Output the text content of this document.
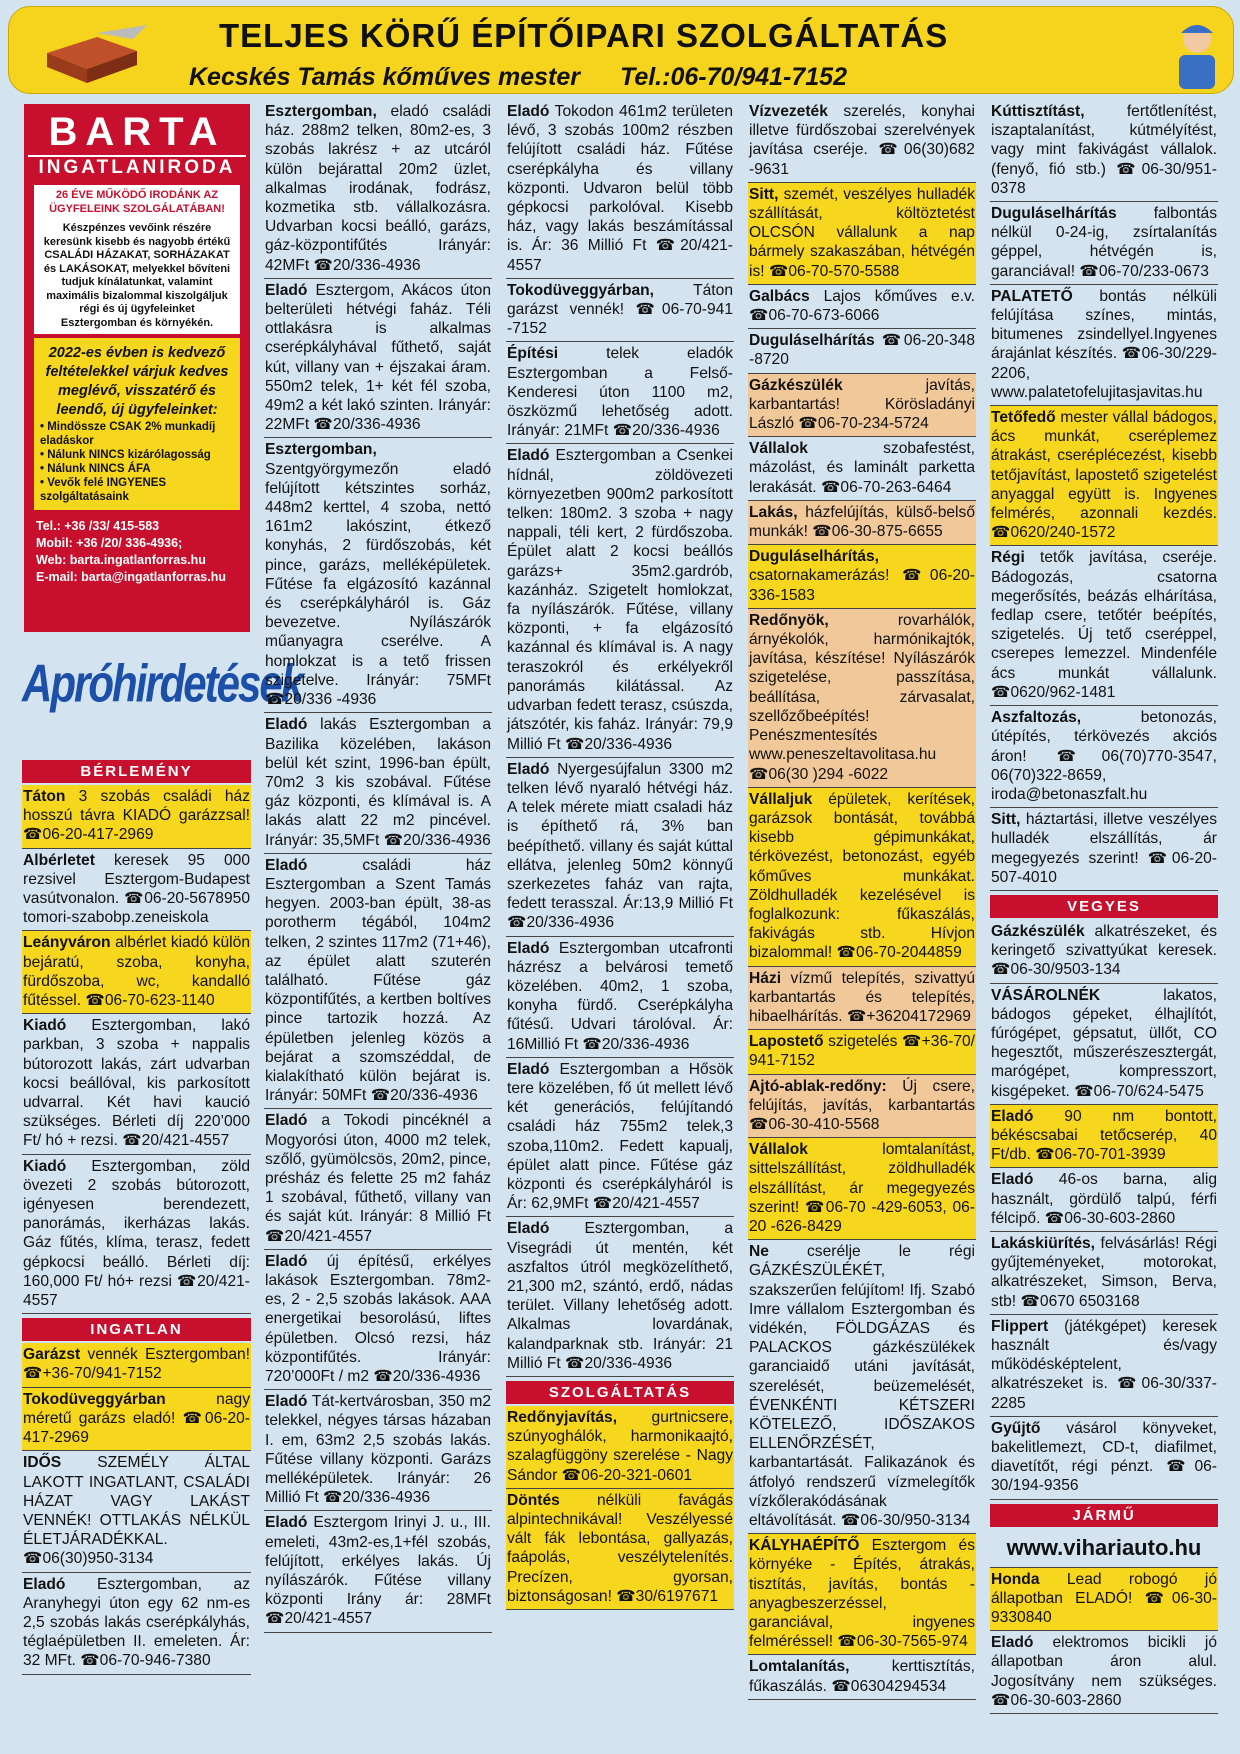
TELJES KÖRŰ ÉPÍTŐIPARI SZOLGÁLTATÁS
Kecskés Tamás kőműves mester Tel.:06-70/941-7152
BARTA
INGATLANIRODA
26 ÉVE MŰKÖDŐ IRODÁNK AZ ÜGYFELEINK SZOLGÁLATÁBAN!
Készpénzes vevőink részére keresünk kisebb és nagyobb értékű CSALÁDI HÁZAKAT, SORHÁZAKAT és LAKÁSOKAT, melyekkel bővíteni tudjuk kínálatunkat, valamint maximális bizalommal kiszolgáljuk régi és új ügyfeleinket Esztergomban és környékén.
2022-es évben is kedvező feltételekkel várjuk kedves meglévő, visszatérő és leendő, új ügyfeleinket:
• Mindössze CSAK 2% munkadíj eladáskor
• Nálunk NINCS kizárólagosság
• Nálunk NINCS ÁFA
• Vevők felé INGYENES szolgáltatásaink
Tel.: +36 /33/ 415-583
Mobil: +36 /20/ 336-4936;
Web: barta.ingatlanforras.hu
E-mail: barta@ingatlanforras.hu
Apróhirdetések
BÉRLEMÉNY
Táton 3 szobás családi ház hosszú távra KIADÓ garázzsal! ☎ 06-20-417-2969
Albérletet keresek 95 000 rezsivel Esztergom-Budapest vasútvonalon. ☎ 06-20-5678950 tomori-szabobp.zeneiskola
Leányváron albérlet kiadó külön bejáratú, szoba, konyha, fürdőszoba, wc, kandalló fűtéssel. ☎ 06-70-623-1140
Kiadó Esztergomban, lakó parkban, 3 szoba + nappalis bútorozott lakás, zárt udvarban kocsi beállóval, kis parkosított udvarral. Két havi kaució szükséges. Bérleti díj 220’000 Ft/ hó + rezsi. ☎ 20/421-4557
Kiadó Esztergomban, zöld övezeti 2 szobás bútorozott, igényesen berendezett, panorámás, ikerházas lakás. Gáz fűtés, klíma, terasz, fedett gépkocsi beálló. Bérleti díj: 160,000 Ft/ hó+ rezsi ☎ 20/421-4557
INGATLAN
Garázst vennék Esztergomban! ☎ +36-70/941-7152
Tokodüveggyárban nagy méretű garázs eladó! ☎ 06-20-417-2969
IDŐS SZEMÉLY ÁLTAL LAKOTT INGATLANT, CSALÁDI HÁZAT VAGY LAKÁST VENNÉK! OTTLAKÁS NÉLKÜL ÉLETJÁRADÉKKAL. ☎ 06(30)950-3134
Eladó Esztergomban, az Aranyhegyi úton egy 62 nm-es 2,5 szobás lakás cserépkályhás, téglaépületben II. emeleten. Ár: 32 MFt. ☎ 06-70-946-7380
Esztergomban, eladó családi ház. 288m2 telken, 80m2-es, 3 szobás lakrész + az utcáról külön bejárattal 20m2 üzlet, alkalmas irodának, fodrász, kozmetika stb. vállalkozásra. Udvarban kocsi beálló, garázs, gáz-központifűtés Irányár: 42MFt ☎ 20/336-4936
Eladó Esztergom, Akácos úton belterületi hétvégi faház. Téli ottlakásra is alkalmas cserépkályhával fűthető, saját kút, villany van + éjszakai áram. 550m2 telek, 1+ két fél szoba, 49m2 a két lakó szinten. Irányár: 22MFt ☎ 20/336-4936
Esztergomban, Szentgyörgymezőn eladó felújított kétszintes sorház, 448m2 kerttel, 4 szoba, nettó 161m2 lakószint, étkező konyhás, 2 fürdőszobás, két pince, garázs, melléképületek. Fűtése fa elgázosító kazánnal és cserépkályháról is. Gáz bevezetve. Nyílászárók műanyagra cserélve. A homlokzat is a tető frissen szigetelve. Irányár: 75MFt ☎ 20/336 -4936
Eladó lakás Esztergomban a Bazilika közelében, lakáson belül két szint, 1996-ban épült, 70m2 3 kis szobával. Fűtése gáz központi, és klímával is. A lakás alatt 22 m2 pincével. Irányár: 35,5MFt ☎ 20/336-4936
Eladó családi ház Esztergomban a Szent Tamás hegyen. 2003-ban épült, 38-as porotherm tégából, 104m2 telken, 2 szintes 117m2 (71+46), az épület alatt szuterén található. Fűtése gáz központifűtés, a kertben boltíves pince tartozik hozzá. Az épületben jelenleg közös a bejárat a szomszéddal, de kialakítható külön bejárat is. Irányár: 50MFt ☎ 20/336-4936
Eladó a Tokodi pincéknél a Mogyorósi úton, 4000 m2 telek, szőlő, gyümölcsös, 20m2, pince, présház és felette 25 m2 faház 1 szobával, fűthető, villany van és saját kút. Irányár: 8 Millió Ft ☎ 20/421-4557
Eladó új építésű, erkélyes lakások Esztergomban. 78m2-es, 2 - 2,5 szobás lakások. AAA energetikai besorolású, liftes épületben. Olcsó rezsi, ház központifűtés. Irányár: 720’000Ft / m2 ☎ 20/336-4936
Eladó Tát-kertvárosban, 350 m2 telekkel, négyes társas házaban I. em, 63m2 2,5 szobás lakás. Fűtése villany központi. Garázs melléképületek. Irányár: 26 Millió Ft ☎ 20/336-4936
Eladó Esztergom Irinyi J. u., III. emeleti, 43m2-es,1+fél szobás, felújított, erkélyes lakás. Új nyílászárók. Fűtése villany központi Irány ár: 28MFt ☎ 20/421-4557
Eladó Tokodon 461m2 területen lévő, 3 szobás 100m2 részben felújított családi ház. Fűtése cserépkályha és villany központi. Udvaron belül több gépkocsi parkolóval. Kisebb ház, vagy lakás beszámítással is. Ár: 36 Millió Ft ☎ 20/421-4557
Tokodüveggyárban, Táton garázst vennék! ☎ 06-70-941 -7152
Építési telek eladók Esztergomban a Felső-Kenderesi úton 1100 m2, öszközmű lehetőség adott. Irányár: 21MFt ☎ 20/336-4936
Eladó Esztergomban a Csenkei hídnál, zöldövezeti környezetben 900m2 parkosított telken: 180m2. 3 szoba + nagy nappali, téli kert, 2 fürdőszoba. Épület alatt 2 kocsi beállós garázs+ 35m2.gardrób, kazánház. Szigetelt homlokzat, fa nyílászárók. Fűtése, villany központi, + fa elgázosító kazánnal és klímával is. A nagy teraszokról és erkélyekről panorámás kilátással. Az udvarban fedett terasz, csúszda, játszótér, kis faház. Irányár: 79,9 Millió Ft ☎ 20/336-4936
Eladó Nyergesújfalun 3300 m2 telken lévő nyaraló hétvégi ház. A telek mérete miatt csaladi ház is építhető rá, 3% ban beépíthető. villany és saját kúttal ellátva, jelenleg 50m2 könnyű szerkezetes faház van rajta, fedett terasszal. Ár:13,9 Millió Ft ☎ 20/336-4936
Eladó Esztergomban utcafronti házrész a belvárosi temető közelében. 40m2, 1 szoba, konyha fürdő. Cserépkályha fűtésű. Udvari tárolóval. Ár: 16Millió Ft ☎ 20/336-4936
Eladó Esztergomban a Hősök tere közelében, fő út mellett lévő két generációs, felújítandó családi ház 755m2 telek,3 szoba,110m2. Fedett kapualj, épület alatt pince. Fűtése gáz központi és cserépkályháról is Ár: 62,9MFt ☎ 20/421-4557
Eladó Esztergomban, a Visegrádi út mentén, két aszfaltos útról megközelíthető, 21,300 m2, szántó, erdő, nádas terület. Villany lehetőség adott. Alkalmas lovardának, kalandparknak stb. Irányár: 21 Millió Ft ☎ 20/336-4936
SZOLGÁLTATÁS
Redőnyjavítás, gurtnicsere, szúnyoghálók, harmonikaajtó, szalagfüggöny szerelése - Nagy Sándor ☎ 06-20-321-0601
Döntés nélküli favágás alpintechnikával! Veszélyessé vált fák lebontása, gallyazás, faápolás, veszélytelenítés. Precízen, gyorsan, biztonságosan! ☎ 30/6197671
Vízvezeték szerelés, konyhai illetve fürdőszobai szerelvények javítása cseréje. ☎ 06(30)682 -9631
Sitt, szemét, veszélyes hulladék szállítását, költöztetést OLCSÓN vállalunk a nap bármely szakaszában, hétvégén is! ☎ 06-70-570-5588
Galbács Lajos kőműves e.v. ☎ 06-70-673-6066
Duguláselhárítás ☎ 06-20-348 -8720
Gázkészülék javítás, karbantartás! Körösladányi László ☎ 06-70-234-5724
Vállalok szobafestést, mázolást, és laminált parketta lerakását. ☎ 06-70-263-6464
Lakás, házfelújítás, külső-belső munkák! ☎ 06-30-875-6655
Duguláselhárítás, csatornakamerázás! ☎ 06-20-336-1583
Redőnyök, rovarhálók, árnyékolók, harmónikajtók, javítása, készítése! Nyílászárók szigetelése, passzítása, beállítása, zárvasalat, szellőzőbeépítés! Penészmentesítés www.peneszeltavolitasa.hu ☎ 06(30 )294 -6022
Vállaljuk épületek, kerítések, garázsok bontását, továbbá kisebb gépimunkákat, térkövezést, betonozást, egyéb kőműves munkákat. Zöldhulladék kezelésével is foglalkozunk: fűkaszálás, fakivágás stb. Hívjon bizalommal! ☎ 06-70-2044859
Házi vízmű telepítés, szivattyú karbantartás és telepítés, hibaelhárítás. ☎ +36204172969
Lapostető szigetelés ☎ +36-70/ 941-7152
Ajtó-ablak-redőny: Új csere, felújítás, javítás, karbantartás ☎ 06-30-410-5568
Vállalok lomtalanítást, sittelszállítást, zöldhulladék elszállítást, ár megegyezés szerint! ☎ 06-70 -429-6053, 06-20 -626-8429
Ne cserélje le régi GÁZKÉSZÜLÉKÉT, szakszerűen felújítom! Ifj. Szabó Imre vállalom Esztergomban és vidékén, FÖLDGÁZAS és PALACKOS gázkészülékek garanciaidő utáni javítását, szerelését, beüzemelését, ÉVENKÉNTI KÉTSZERI KÖTELEZŐ, IDŐSZAKOS ELLENŐRZÉSÉT, karbantartását. Falikazánok és átfolyó rendszerű vízmelegítők vízkőlerakódásának eltávolítását. ☎ 06-30/950-3134
KÁLYHAÉPÍTŐ Esztergom és környéke - Építés, átrakás, tisztítás, javítás, bontás - anyagbeszerzéssel, garanciával, ingyenes felméréssel! ☎ 06-30-7565-974
Lomtalanítás, kerttisztítás, fűkaszálás. ☎ 06304294534
Kúttisztítást, fertőtlenítést, iszaptalanítást, kútmélyítést, vagy mint fakivágást vállalok. (fenyő, fió stb.) ☎ 06-30/951-0378
Duguláselhárítás falbontás nélkül 0-24-ig, zsírtalanítás géppel, hétvégén is, garanciával! ☎ 06-70/233-0673
PALATETŐ bontás nélküli felújítása színes, mintás, bitumenes zsindellyel.Ingyenes árajánlat készítés. ☎ 06-30/229-2206, www.palatetofelujitasjavitas.hu
Tetőfedő mester vállal bádogos, ács munkát, cseréplemez átrakást, cseréplécezést, kisebb tetőjavítást, lapostető szigetelést anyaggal együtt is. Ingyenes felmérés, azonnali kezdés. ☎ 0620/240-1572
Régi tetők javítása, cseréje. Bádogozás, csatorna megerősítés, beázás elhárítása, fedlap csere, tetőtér beépítés, szigetelés. Új tető cseréppel, cserepes lemezzel. Mindenféle ács munkát vállalunk. ☎ 0620/962-1481
Aszfaltozás, betonozás, útépítés, térkövezés akciós áron!	☎ 06(70)770-3547, 06(70)322-8659, iroda@betonaszfalt.hu
Sitt, háztartási, illetve veszélyes hulladék elszállítás, ár megegyezés szerint! ☎ 06-20-507-4010
VEGYES
Gázkészülék alkatrészeket, és keringető szivattyúkat keresek. ☎ 06-30/9503-134
VÁSÁROLNÉK lakatos, bádogos gépeket, élhajlítót, fúrógépet, gépsatut, üllőt, CO hegesztőt, műszerészesztergát, marógépet, kompresszort, kisgépeket. ☎ 06-70/624-5475
Eladó 90 nm bontott, békéscsabai tetőcserép, 40 Ft/db. ☎ 06-70-701-3939
Eladó 46-os barna, alig használt, gördülő talpú, férfi félcipő. ☎ 06-30-603-2860
Lakáskiürítés, felvásárlás! Régi gyűjteményeket, motorokat, alkatrészeket, Simson, Berva, stb! ☎ 0670 6503168
Flippert (játékgépet) keresek használt és/vagy működésképtelent, alkatrészeket is. ☎ 06-30/337-2285
Gyűjtő vásárol könyveket, bakelitlemezt, CD-t, diafilmet, diavetítőt, régi pénzt. ☎ 06-30/194-9356
JÁRMŰ
www.vihariauto.hu
Honda Lead robogó jó állapotban ELADÓ! ☎ 06-30-9330840
Eladó elektromos bicikli jó állapotban áron alul. Jogosítvány nem szükséges. ☎ 06-30-603-2860
